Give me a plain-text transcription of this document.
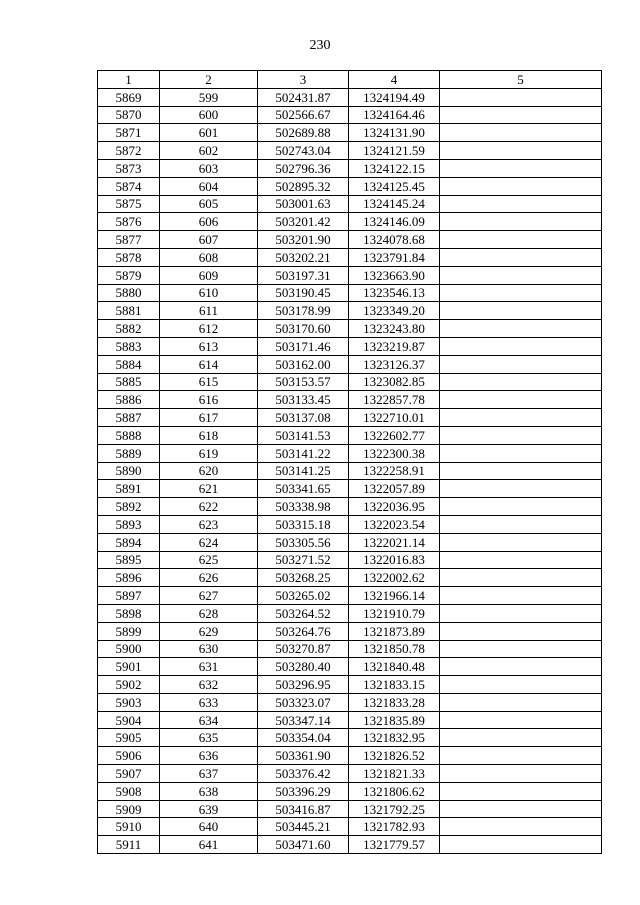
230
1	2	3	4	5
5869	599	502431.87	1324194.49	
5870	600	502566.67	1324164.46	
5871	601	502689.88	1324131.90	
5872	602	502743.04	1324121.59	
5873	603	502796.36	1324122.15	
5874	604	502895.32	1324125.45	
5875	605	503001.63	1324145.24	
5876	606	503201.42	1324146.09	
5877	607	503201.90	1324078.68	
5878	608	503202.21	1323791.84	
5879	609	503197.31	1323663.90	
5880	610	503190.45	1323546.13	
5881	611	503178.99	1323349.20	
5882	612	503170.60	1323243.80	
5883	613	503171.46	1323219.87	
5884	614	503162.00	1323126.37	
5885	615	503153.57	1323082.85	
5886	616	503133.45	1322857.78	
5887	617	503137.08	1322710.01	
5888	618	503141.53	1322602.77	
5889	619	503141.22	1322300.38	
5890	620	503141.25	1322258.91	
5891	621	503341.65	1322057.89	
5892	622	503338.98	1322036.95	
5893	623	503315.18	1322023.54	
5894	624	503305.56	1322021.14	
5895	625	503271.52	1322016.83	
5896	626	503268.25	1322002.62	
5897	627	503265.02	1321966.14	
5898	628	503264.52	1321910.79	
5899	629	503264.76	1321873.89	
5900	630	503270.87	1321850.78	
5901	631	503280.40	1321840.48	
5902	632	503296.95	1321833.15	
5903	633	503323.07	1321833.28	
5904	634	503347.14	1321835.89	
5905	635	503354.04	1321832.95	
5906	636	503361.90	1321826.52	
5907	637	503376.42	1321821.33	
5908	638	503396.29	1321806.62	
5909	639	503416.87	1321792.25	
5910	640	503445.21	1321782.93	
5911	641	503471.60	1321779.57	
